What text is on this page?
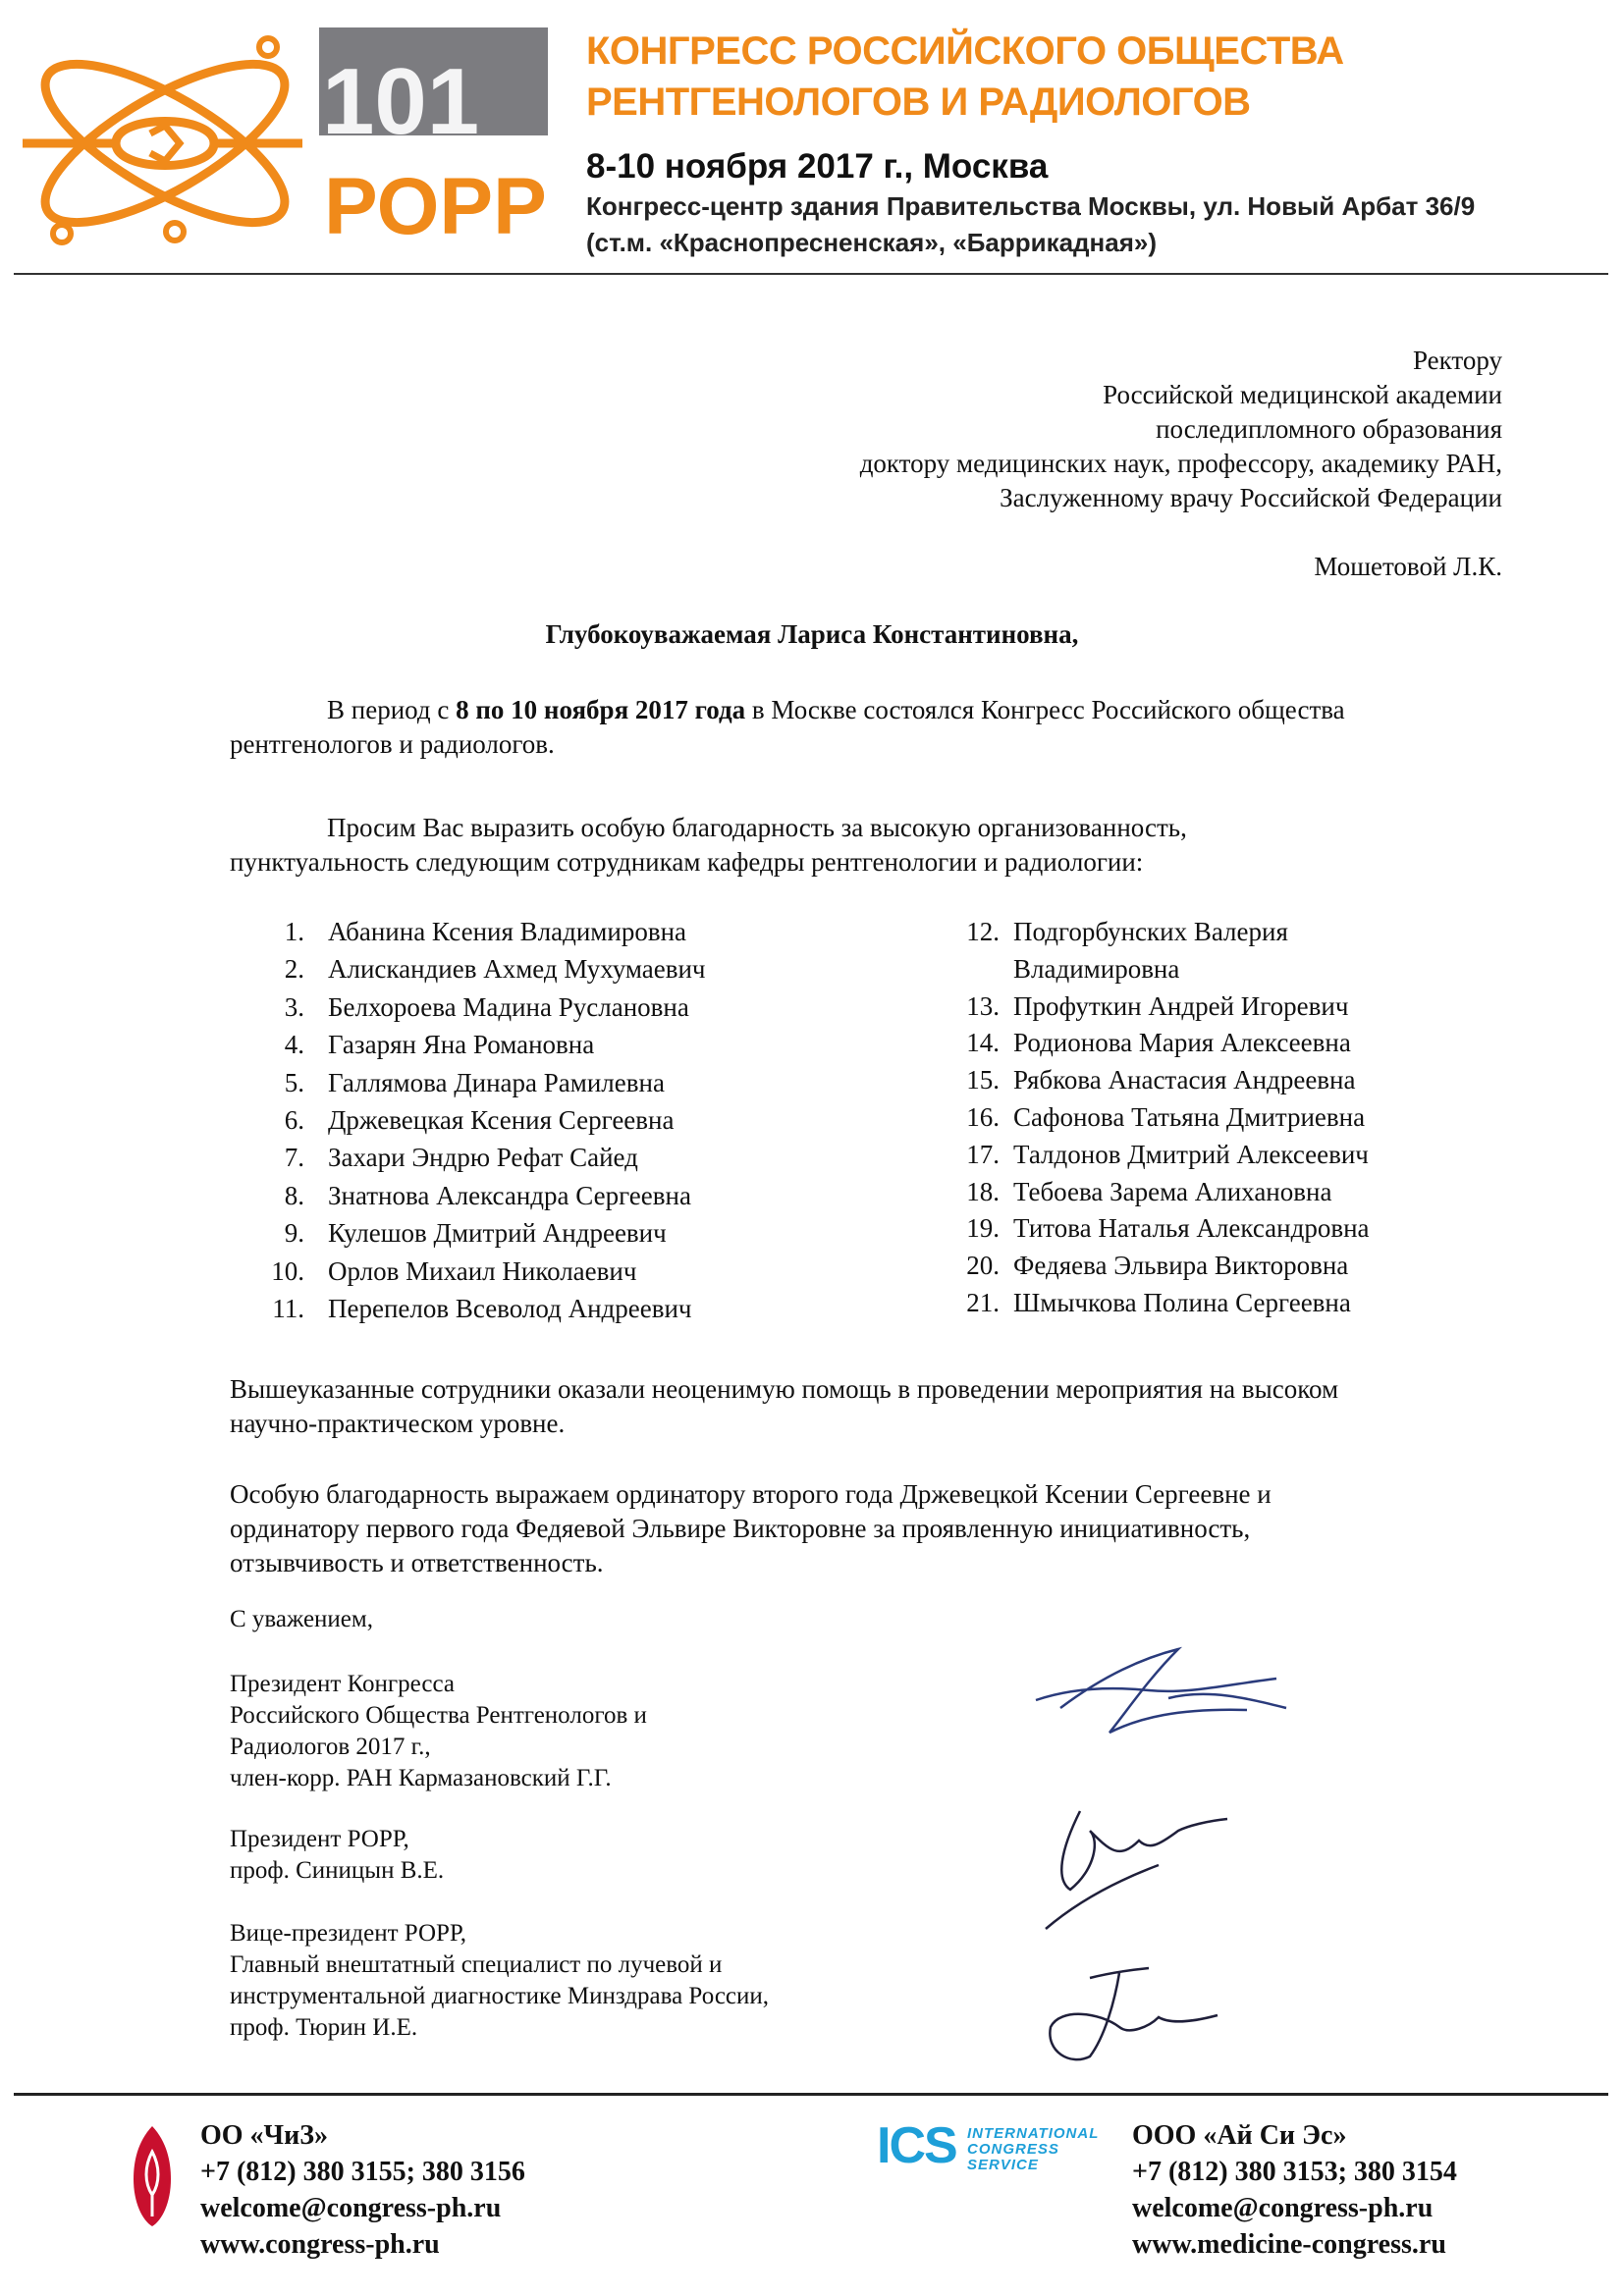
101
РОРР
КОНГРЕСС РОССИЙСКОГО ОБЩЕСТВА
РЕНТГЕНОЛОГОВ И РАДИОЛОГОВ
8-10 ноября 2017 г., Москва
Конгресс-центр здания Правительства Москвы, ул. Новый Арбат 36/9
(ст.м. «Краснопресненская», «Баррикадная»)
Ректору
Российской медицинской академии
последипломного образования
доктору медицинских наук, профессору, академику РАН,
Заслуженному врачу Российской Федерации
Мошетовой Л.К.
Глубокоуважаемая Лариса Константиновна,
В период с 8 по 10 ноября 2017 года в Москве состоялся Конгресс Российского общества
рентгенологов и радиологов.
Просим Вас выразить особую благодарность за высокую организованность,
пунктуальность следующим сотрудникам кафедры рентгенологии и радиологии:
1. Абанина Ксения Владимировна
2. Алискандиев Ахмед Мухумаевич
3. Белхороева Мадина Руслановна
4. Газарян Яна Романовна
5. Галлямова Динара Рамилевна
6. Држевецкая Ксения Сергеевна
7. Захари Эндрю Рефат Сайед
8. Знатнова Александра Сергеевна
9. Кулешов Дмитрий Андреевич
10. Орлов Михаил Николаевич
11. Перепелов Всеволод Андреевич
12. Подгорбунских Валерия
Владимировна
13. Профуткин Андрей Игоревич
14. Родионова Мария Алексеевна
15. Рябкова Анастасия Андреевна
16. Сафонова Татьяна Дмитриевна
17. Талдонов Дмитрий Алексеевич
18. Тебоева Зарема Алихановна
19. Титова Наталья Александровна
20. Федяева Эльвира Викторовна
21. Шмычкова Полина Сергеевна
Вышеуказанные сотрудники оказали неоценимую помощь в проведении мероприятия на высоком
научно-практическом уровне.
Особую благодарность выражаем ординатору второго года Држевецкой Ксении Сергеевне и
ординатору первого года Федяевой Эльвире Викторовне за проявленную инициативность,
отзывчивость и ответственность.
С уважением,
Президент Конгресса
Российского Общества Рентгенологов и
Радиологов 2017 г.,
член-корр. РАН Кармазановский Г.Г.
Президент РОРР,
проф. Синицын В.Е.
Вице-президент РОРР,
Главный внештатный специалист по лучевой и
инструментальной диагностике Минздрава России,
проф. Тюрин И.Е.
ОО «ЧиЗ»
+7 (812) 380 3155; 380 3156
welcome@congress-ph.ru
www.congress-ph.ru
ICS INTERNATIONAL
CONGRESS
SERVICE
ООО «Ай Си Эс»
+7 (812) 380 3153; 380 3154
welcome@congress-ph.ru
www.medicine-congress.ru
